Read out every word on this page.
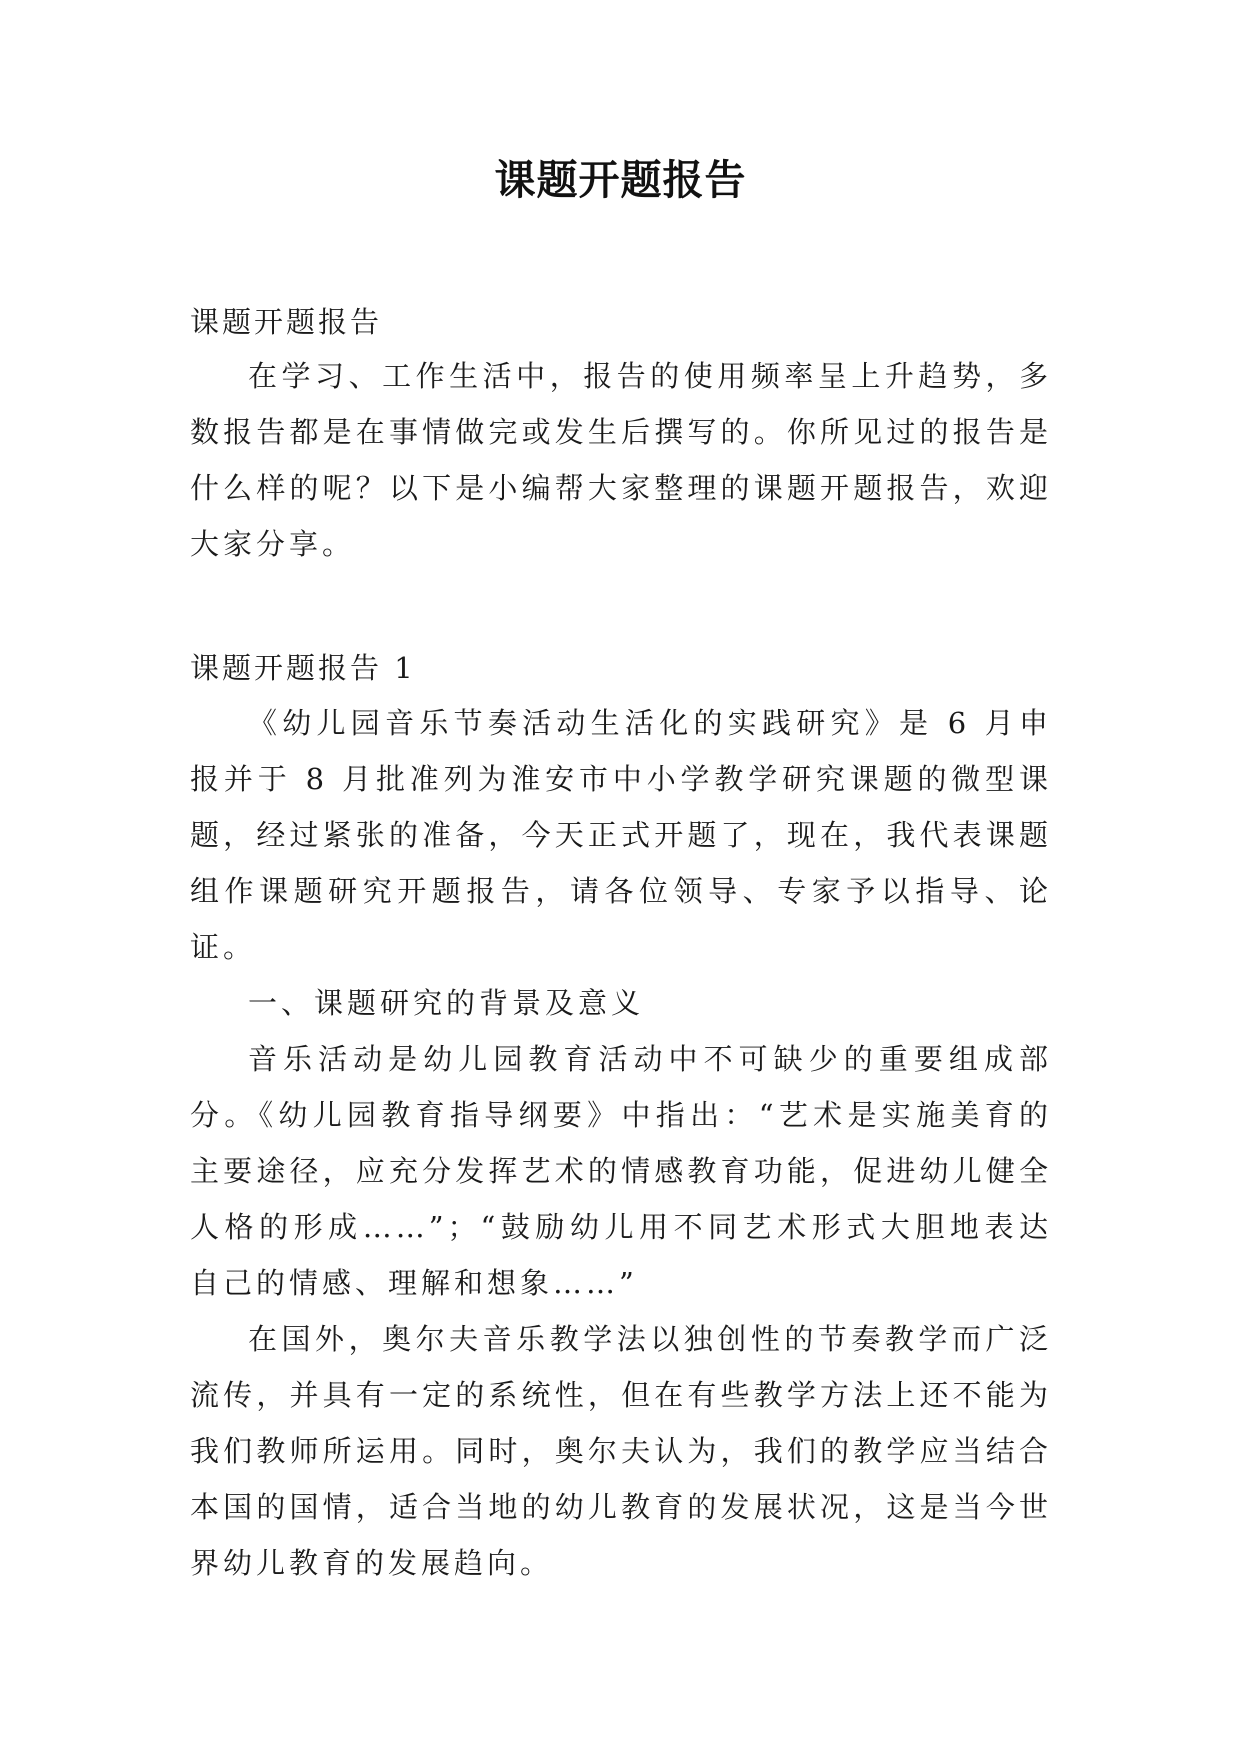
课题开题报告
课题开题报告

在学习、工作生活中，报告的使用频率呈上升趋势，多数报告都是在事情做完或发生后撰写的。你所见过的报告是什么样的呢？以下是小编帮大家整理的课题开题报告，欢迎大家分享。

课题开题报告 1

《幼儿园音乐节奏活动生活化的实践研究》是 6 月申报并于 8 月批准列为淮安市中小学教学研究课题的微型课题，经过紧张的准备，今天正式开题了，现在，我代表课题组作课题研究开题报告，请各位领导、专家予以指导、论证。

一、课题研究的背景及意义

音乐活动是幼儿园教育活动中不可缺少的重要组成部分。《幼儿园教育指导纲要》中指出：“艺术是实施美育的主要途径，应充分发挥艺术的情感教育功能，促进幼儿健全人格的形成……”；“鼓励幼儿用不同艺术形式大胆地表达自己的情感、理解和想象……”

在国外，奥尔夫音乐教学法以独创性的节奏教学而广泛流传，并具有一定的系统性，但在有些教学方法上还不能为我们教师所运用。同时，奥尔夫认为，我们的教学应当结合本国的国情，适合当地的幼儿教育的发展状况，这是当今世界幼儿教育的发展趋向。
